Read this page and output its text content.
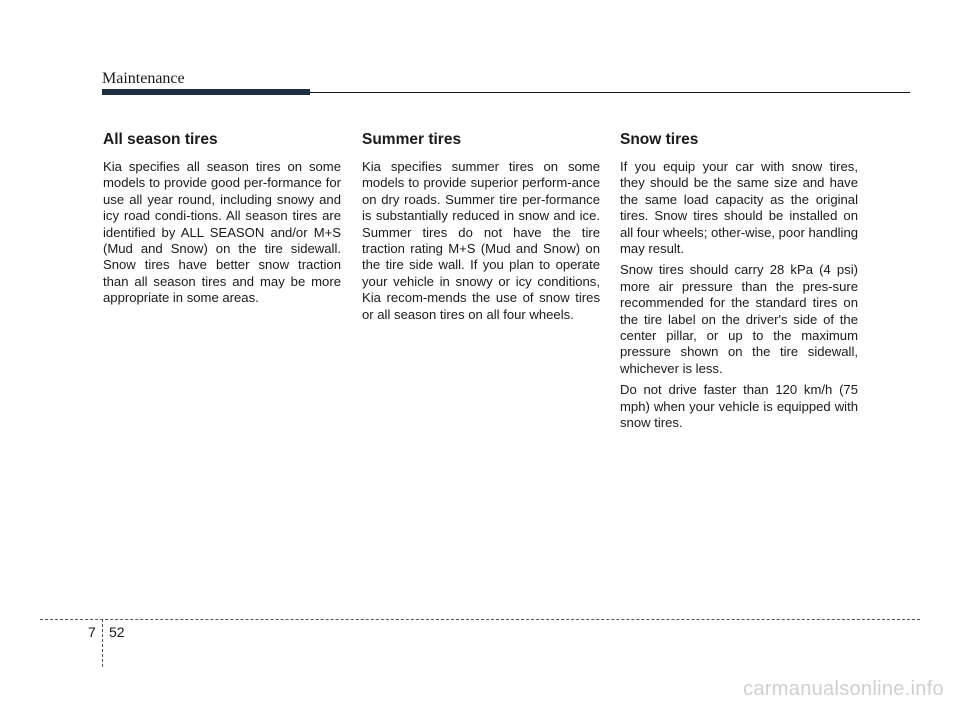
Maintenance
All season tires

Kia specifies all season tires on some models to provide good per-formance for use all year round, including snowy and icy road condi-tions. All season tires are identified by ALL SEASON and/or M+S (Mud and Snow) on the tire sidewall. Snow tires have better snow traction than all season tires and may be more appropriate in some areas.

Summer tires

Kia specifies summer tires on some models to provide superior perform-ance on dry roads. Summer tire per-formance is substantially reduced in snow and ice. Summer tires do not have the tire traction rating M+S (Mud and Snow) on the tire side wall. If you plan to operate your vehicle in snowy or icy conditions, Kia recom-mends the use of snow tires or all season tires on all four wheels.

Snow tires

If you equip your car with snow tires, they should be the same size and have the same load capacity as the original tires. Snow tires should be installed on all four wheels; other-wise, poor handling may result.

Snow tires should carry 28 kPa (4 psi) more air pressure than the pres-sure recommended for the standard tires on the tire label on the driver's side of the center pillar, or up to the maximum pressure shown on the tire sidewall, whichever is less.

Do not drive faster than 120 km/h (75 mph) when your vehicle is equipped with snow tires.

7 52
carmanualsonline.info
